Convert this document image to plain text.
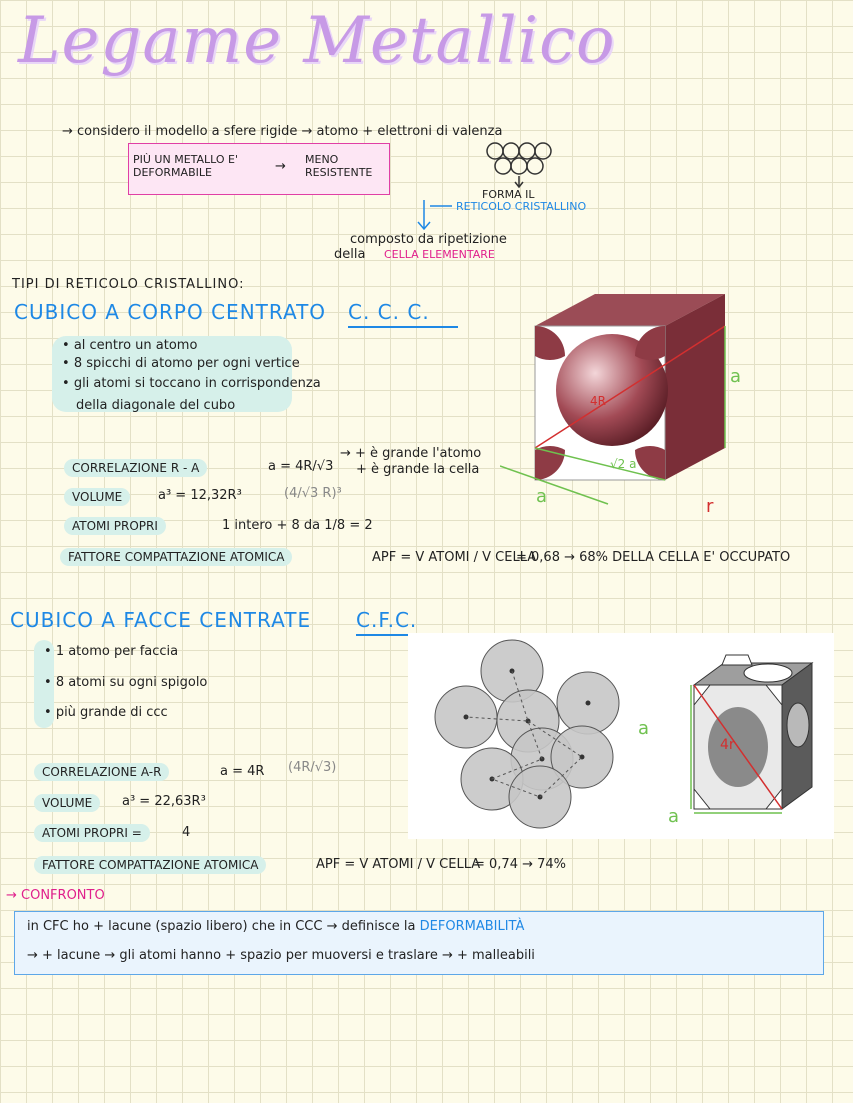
Legame Metallico
→ considero il modello a sfere rigide → atomo + elettroni di valenza
PIÙ UN METALLO E' DEFORMABILE	→ MENO RESISTENTE
FORMA IL
RETICOLO CRISTALLINO
composto da ripetizione
della CELLA ELEMENTARE
TIPI DI RETICOLO CRISTALLINO:
CUBICO A CORPO CENTRATO C. C. C.
• al centro un atomo
• 8 spicchi di atomo per ogni vertice
• gli atomi si toccano in corrispondenza
della diagonale del cubo
CORRELAZIONE R - A	a = 4R/√3
→ + è grande l'atomo
+ è grande la cella
VOLUME	a³ = 12,32R³	(4/√3 R)³
ATOMI PROPRI	1 intero + 8 da 1/8 = 2
FATTORE COMPATTAZIONE ATOMICA	APF = V ATOMI / V CELLA
= 0,68 → 68% DELLA CELLA E' OCCUPATO
4R
a
√2 a
a	r
CUBICO A FACCE CENTRATE C.F.C.
• 1 atomo per faccia
• 8 atomi su ogni spigolo
• più grande di ccc
4r
a
a
CORRELAZIONE A-R	a = 4R (4R/√3)
VOLUME	a³ = 22,63R³
ATOMI PROPRI =	4
FATTORE COMPATTAZIONE ATOMICA	APF = V ATOMI / V CELLA
= 0,74 → 74%
→ CONFRONTO
in CFC ho + lacune (spazio libero) che in CCC → definisce la DEFORMABILITÀ
→ + lacune → gli atomi hanno + spazio per muoversi e traslare → + malleabili
